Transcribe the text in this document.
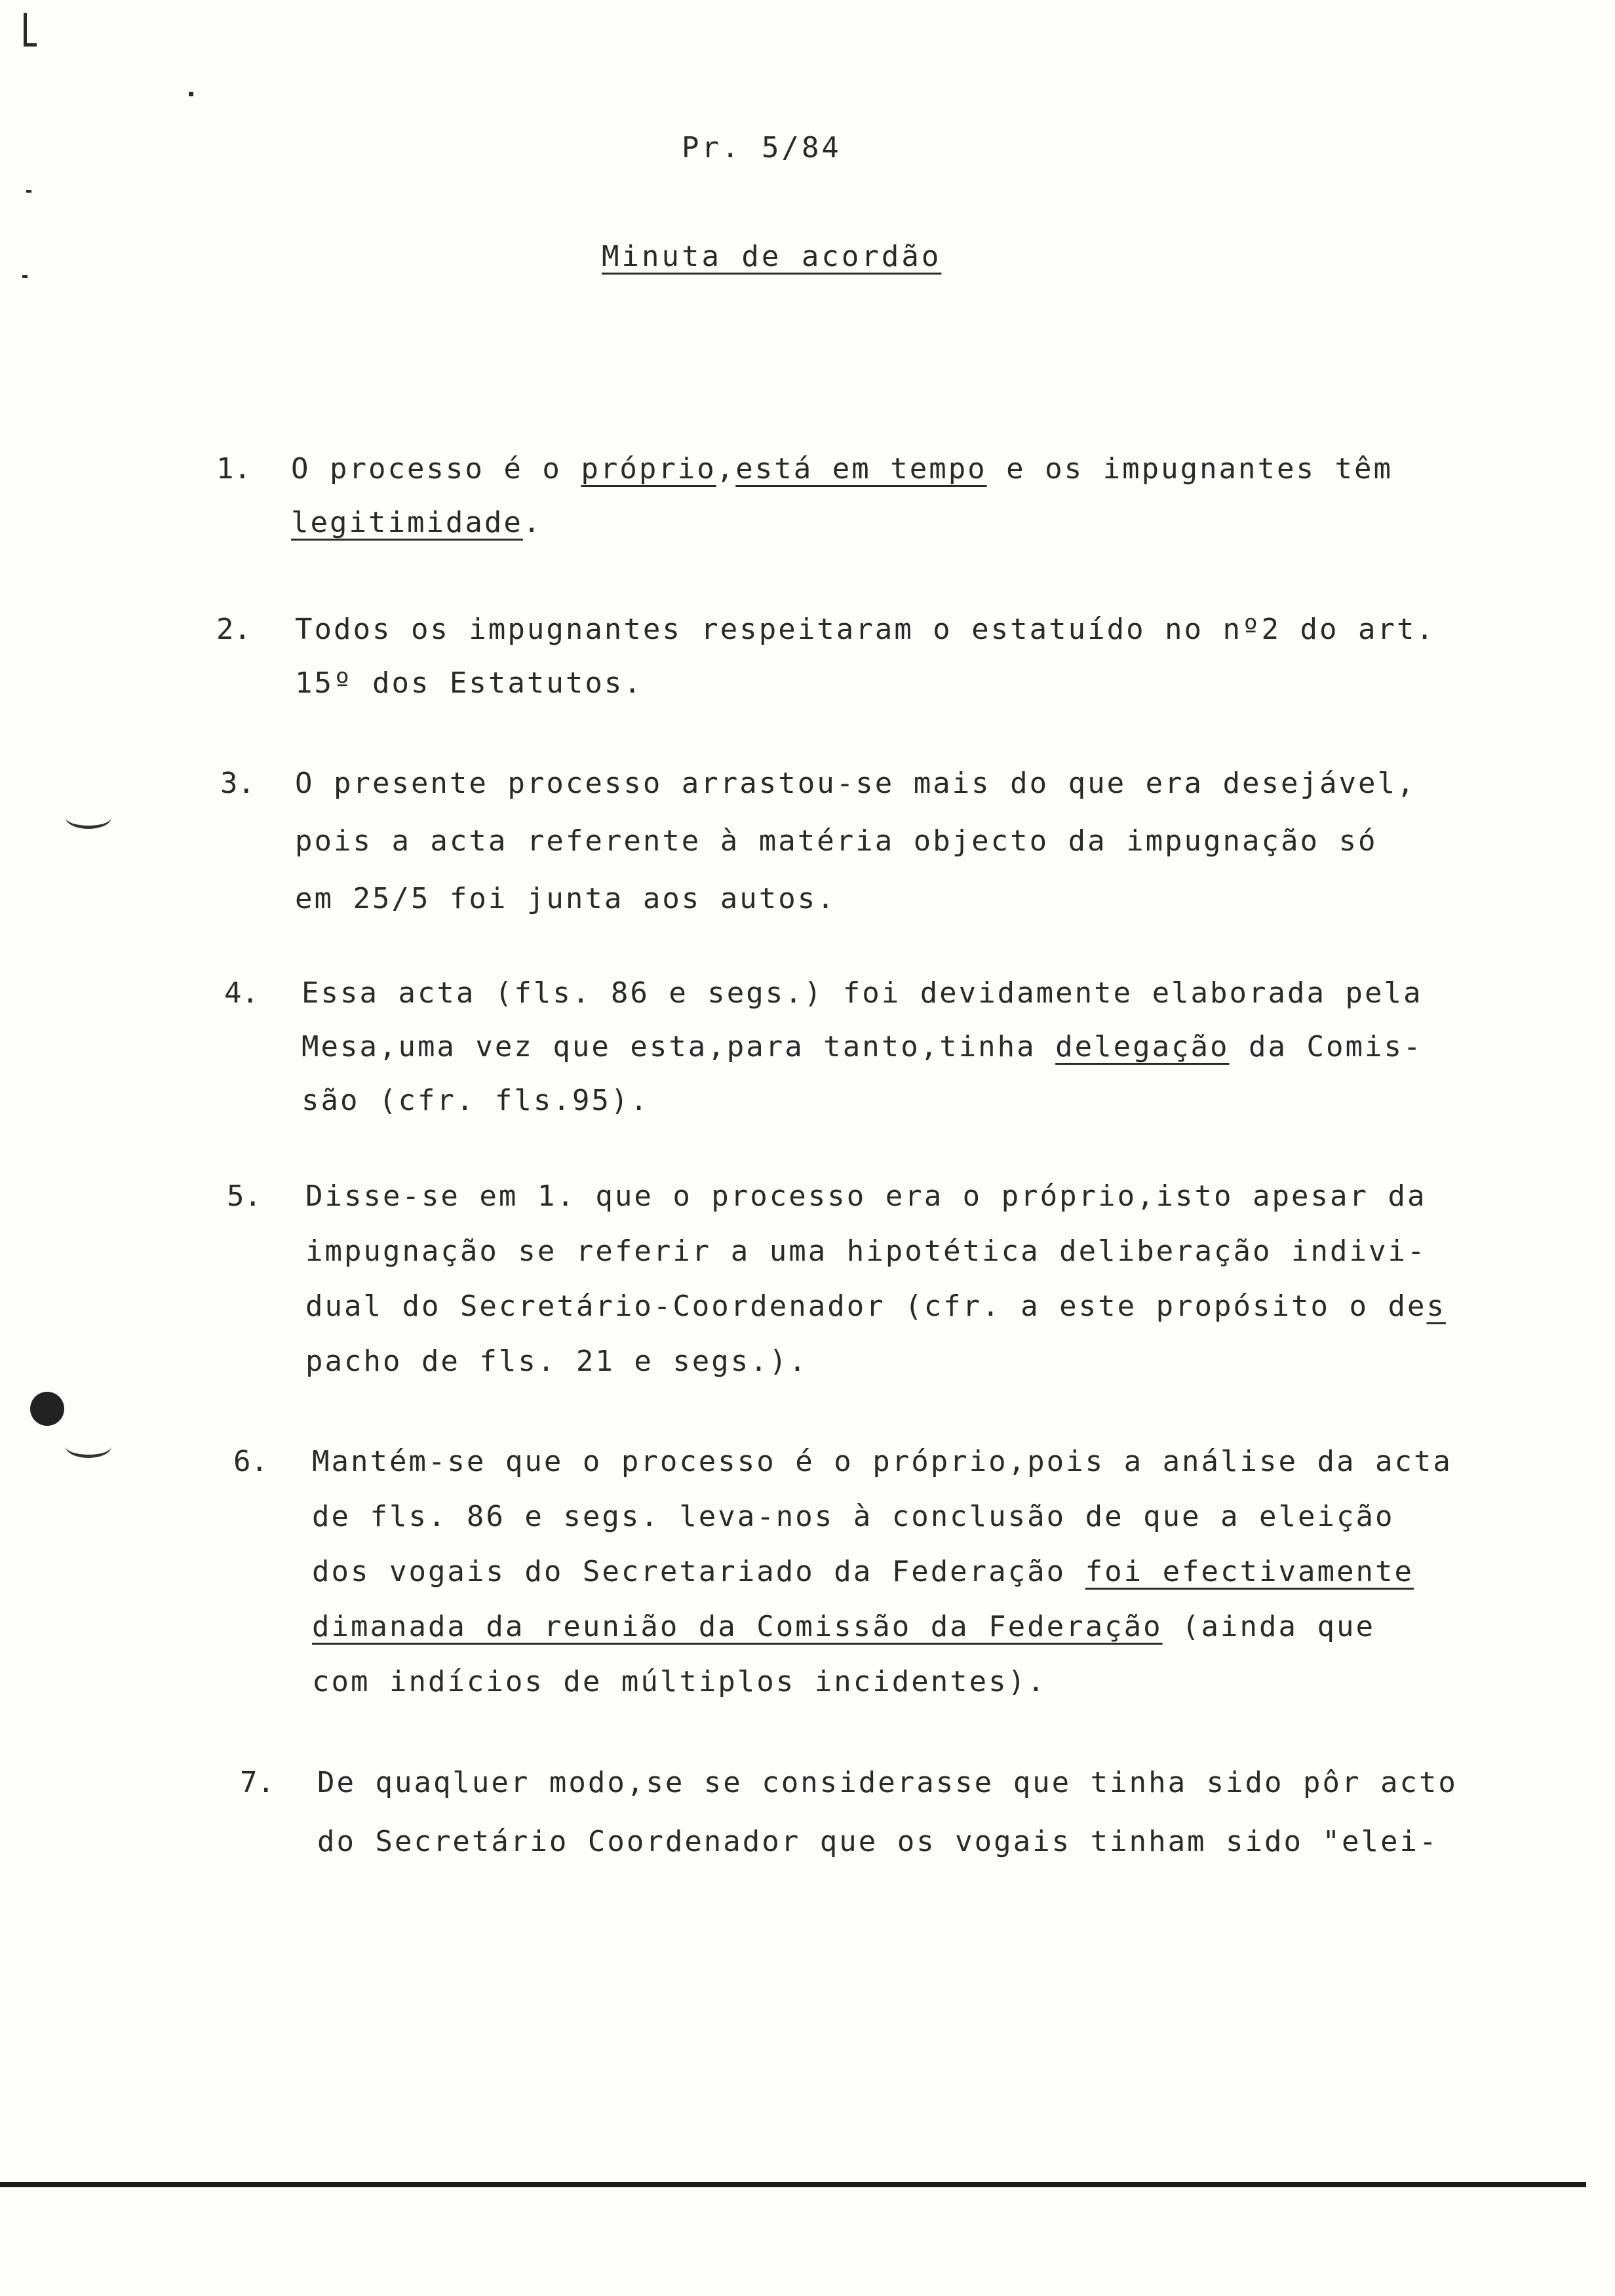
Pr. 5/84
Minuta de acordão
1. O processo é o próprio,está em tempo e os impugnantes têm
legitimidade.
2. Todos os impugnantes respeitaram o estatuído no nº2 do art.
15º dos Estatutos.
3. O presente processo arrastou-se mais do que era desejável,
pois a acta referente à matéria objecto da impugnação só
em 25/5 foi junta aos autos.
4. Essa acta (fls. 86 e segs.) foi devidamente elaborada pela
Mesa,uma vez que esta,para tanto,tinha delegação da Comis-
são (cfr. fls.95).
5. Disse-se em 1. que o processo era o próprio,isto apesar da
impugnação se referir a uma hipotética deliberação indivi-
dual do Secretário-Coordenador (cfr. a este propósito o des
pacho de fls. 21 e segs.).
6. Mantém-se que o processo é o próprio,pois a análise da acta
de fls. 86 e segs. leva-nos à conclusão de que a eleição
dos vogais do Secretariado da Federação foi efectivamente
dimanada da reunião da Comissão da Federação (ainda que
com indícios de múltiplos incidentes).
7. De quaqluer modo,se se considerasse que tinha sido pôr acto
do Secretário Coordenador que os vogais tinham sido "elei-
